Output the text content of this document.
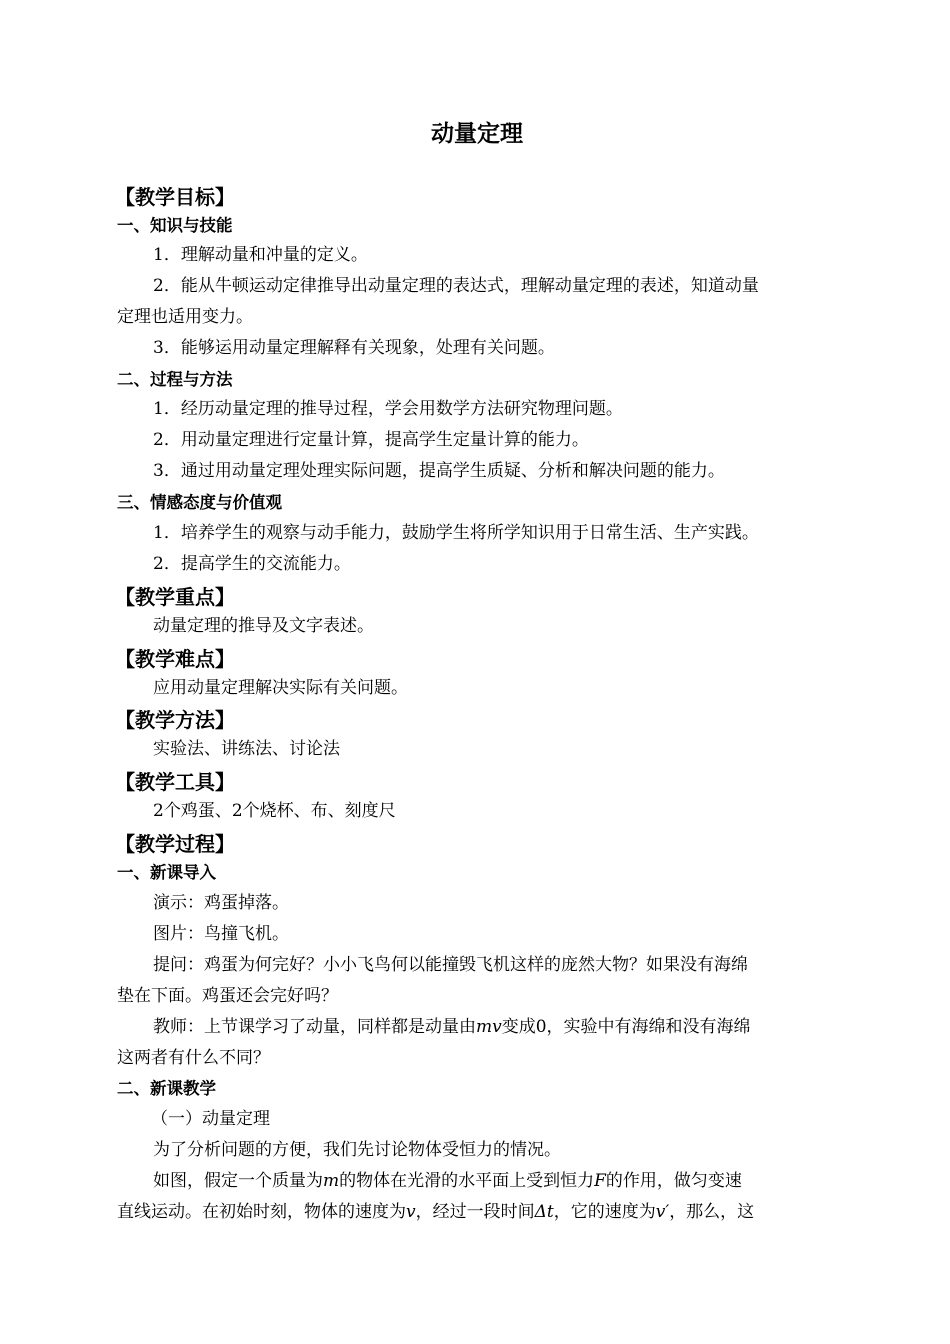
动量定理
【教学目标】
一、知识与技能
1．理解动量和冲量的定义。
2．能从牛顿运动定律推导出动量定理的表达式，理解动量定理的表述，知道动量
定理也适用变力。
3．能够运用动量定理解释有关现象，处理有关问题。
二、过程与方法
1．经历动量定理的推导过程，学会用数学方法研究物理问题。
2．用动量定理进行定量计算，提高学生定量计算的能力。
3．通过用动量定理处理实际问题，提高学生质疑、分析和解决问题的能力。
三、情感态度与价值观
1．培养学生的观察与动手能力，鼓励学生将所学知识用于日常生活、生产实践。
2．提高学生的交流能力。
【教学重点】
动量定理的推导及文字表述。
【教学难点】
应用动量定理解决实际有关问题。
【教学方法】
实验法、讲练法、讨论法
【教学工具】
2个鸡蛋、2个烧杯、布、刻度尺
【教学过程】
一、新课导入
演示：鸡蛋掉落。
图片：鸟撞飞机。
提问：鸡蛋为何完好？小小飞鸟何以能撞毁飞机这样的庞然大物？如果没有海绵
垫在下面。鸡蛋还会完好吗？
教师：上节课学习了动量，同样都是动量由mv变成0，实验中有海绵和没有海绵
这两者有什么不同？
二、新课教学
（一）动量定理
为了分析问题的方便，我们先讨论物体受恒力的情况。
如图，假定一个质量为m的物体在光滑的水平面上受到恒力F的作用，做匀变速
直线运动。在初始时刻，物体的速度为v，经过一段时间Δt，它的速度为v′，那么，这
